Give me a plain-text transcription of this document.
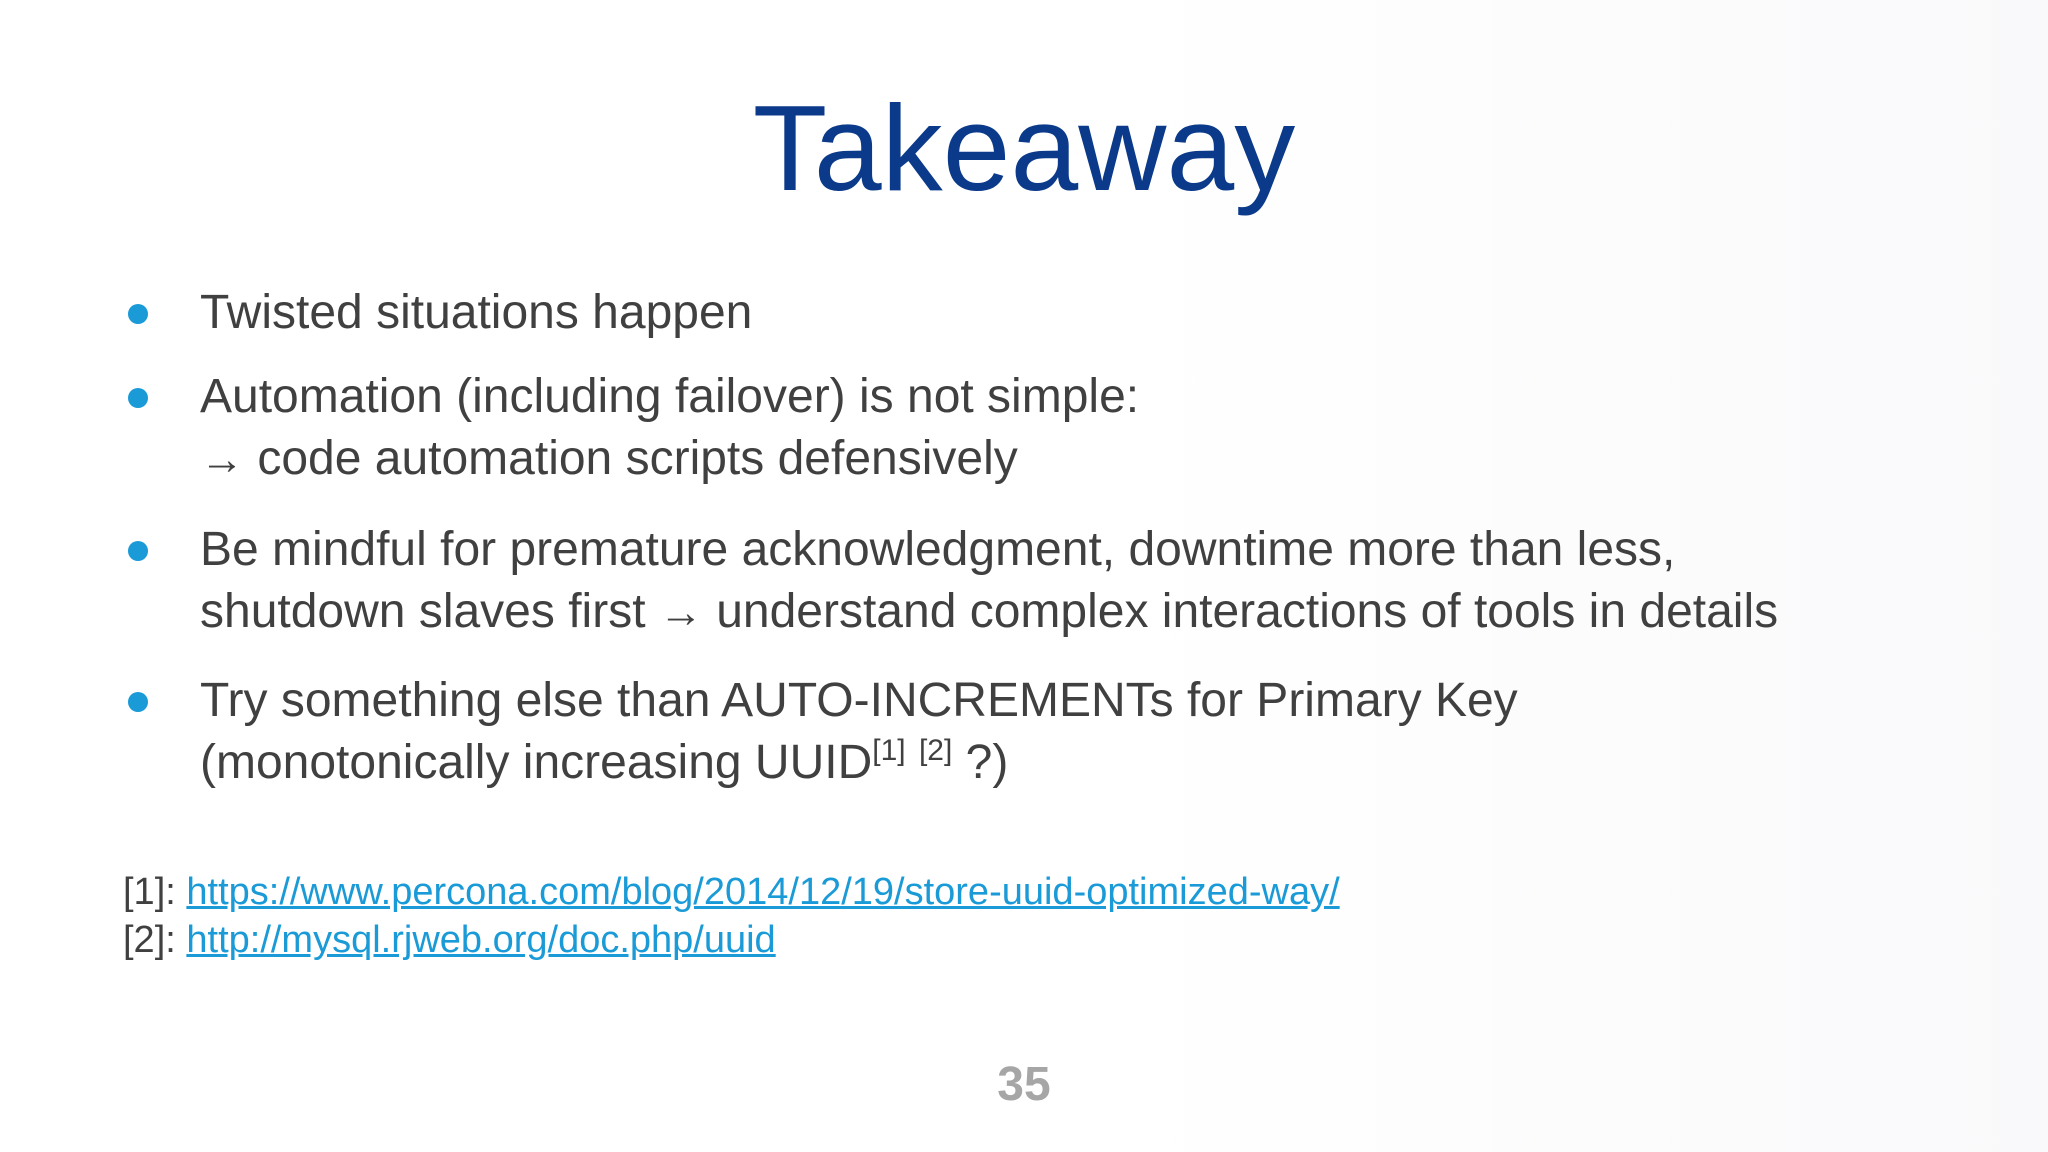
Takeaway
Twisted situations happen
Automation (including failover) is not simple:
→ code automation scripts defensively
Be mindful for premature acknowledgment, downtime more than less,
shutdown slaves first → understand complex interactions of tools in details
Try something else than AUTO-INCREMENTs for Primary Key
(monotonically increasing UUID[1] [2] ?)
[1]: https://www.percona.com/blog/2014/12/19/store-uuid-optimized-way/
[2]: http://mysql.rjweb.org/doc.php/uuid
35
